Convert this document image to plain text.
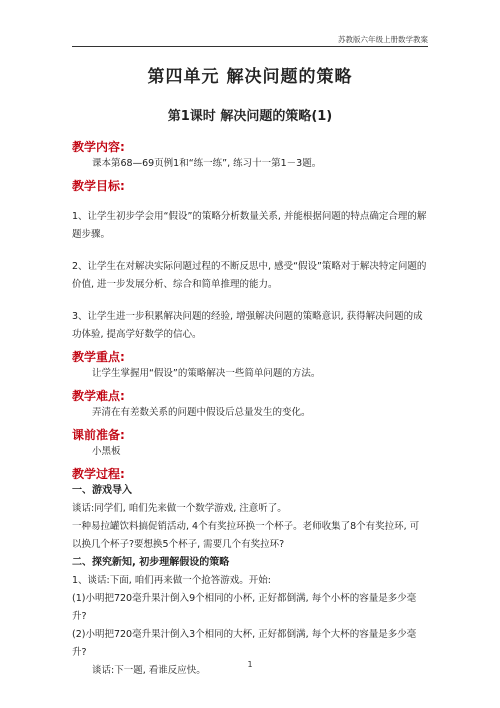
苏教版六年级上册数学教案
第四单元 解决问题的策略
第1课时 解决问题的策略(1)
教学内容:

课本第68—69页例1和“练一练”, 练习十一第1－3题。

教学目标:

1、让学生初步学会用“假设”的策略分析数量关系, 并能根据问题的特点确定合理的解题步骤。

2、让学生在对解决实际问题过程的不断反思中, 感受“假设”策略对于解决特定问题的价值, 进一步发展分析、综合和简单推理的能力。

3、让学生进一步积累解决问题的经验, 增强解决问题的策略意识, 获得解决问题的成功体验, 提高学好数学的信心。

教学重点:

让学生掌握用“假设”的策略解决一些简单问题的方法。

教学难点:

弄清在有差数关系的问题中假设后总量发生的变化。

课前准备:

小黑板

教学过程:

一、游戏导入

谈话:同学们, 咱们先来做一个数学游戏, 注意听了。

一种易拉罐饮料搞促销活动, 4个有奖拉环换一个杯子。老师收集了8个有奖拉环, 可以换几个杯子?要想换5个杯子, 需要几个有奖拉环?

二、探究新知, 初步理解假设的策略

1、谈话:下面, 咱们再来做一个抢答游戏。开始:

(1)小明把720毫升果汁倒入9个相同的小杯, 正好都倒满, 每个小杯的容量是多少毫升?

(2)小明把720毫升果汁倒入3个相同的大杯, 正好都倒满, 每个大杯的容量是多少毫升?

谈话:下一题, 看谁反应快。

1
